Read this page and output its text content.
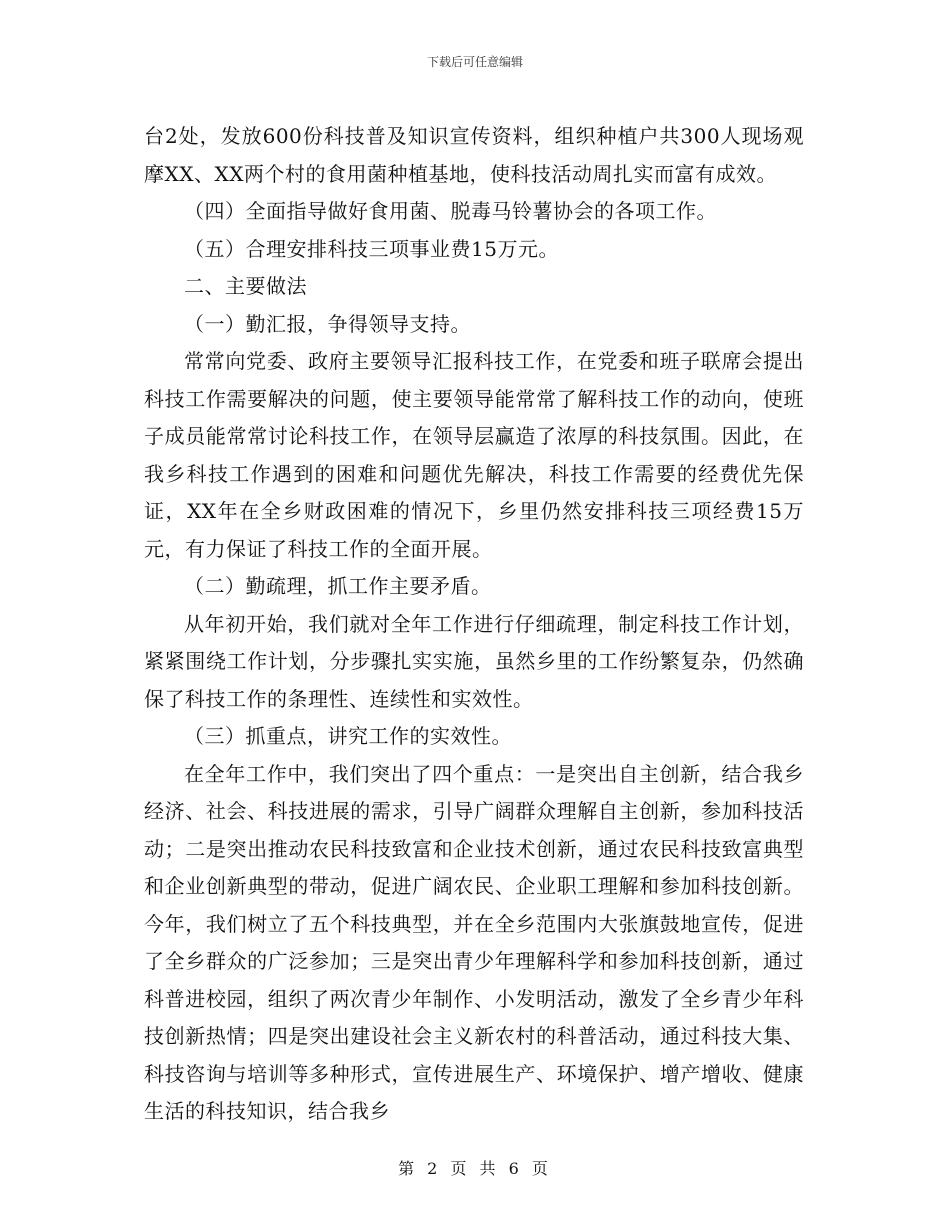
下载后可任意编辑

台2处，发放600份科技普及知识宣传资料，组织种植户共300人现场观摩XX、XX两个村的食用菌种植基地，使科技活动周扎实而富有成效。

（四）全面指导做好食用菌、脱毒马铃薯协会的各项工作。

（五）合理安排科技三项事业费15万元。

二、主要做法

（一）勤汇报，争得领导支持。

常常向党委、政府主要领导汇报科技工作，在党委和班子联席会提出科技工作需要解决的问题，使主要领导能常常了解科技工作的动向，使班子成员能常常讨论科技工作，在领导层赢造了浓厚的科技氛围。因此，在我乡科技工作遇到的困难和问题优先解决，科技工作需要的经费优先保证，XX年在全乡财政困难的情况下，乡里仍然安排科技三项经费15万元，有力保证了科技工作的全面开展。

（二）勤疏理，抓工作主要矛盾。

从年初开始，我们就对全年工作进行仔细疏理，制定科技工作计划，紧紧围绕工作计划，分步骤扎实实施，虽然乡里的工作纷繁复杂，仍然确保了科技工作的条理性、连续性和实效性。

（三）抓重点，讲究工作的实效性。

在全年工作中，我们突出了四个重点：一是突出自主创新，结合我乡经济、社会、科技进展的需求，引导广阔群众理解自主创新，参加科技活动；二是突出推动农民科技致富和企业技术创新，通过农民科技致富典型和企业创新典型的带动，促进广阔农民、企业职工理解和参加科技创新。今年，我们树立了五个科技典型，并在全乡范围内大张旗鼓地宣传，促进了全乡群众的广泛参加；三是突出青少年理解科学和参加科技创新，通过科普进校园，组织了两次青少年制作、小发明活动，激发了全乡青少年科技创新热情；四是突出建设社会主义新农村的科普活动，通过科技大集、科技咨询与培训等多种形式，宣传进展生产、环境保护、增产增收、健康生活的科技知识，结合我乡

第 2 页 共 6 页
